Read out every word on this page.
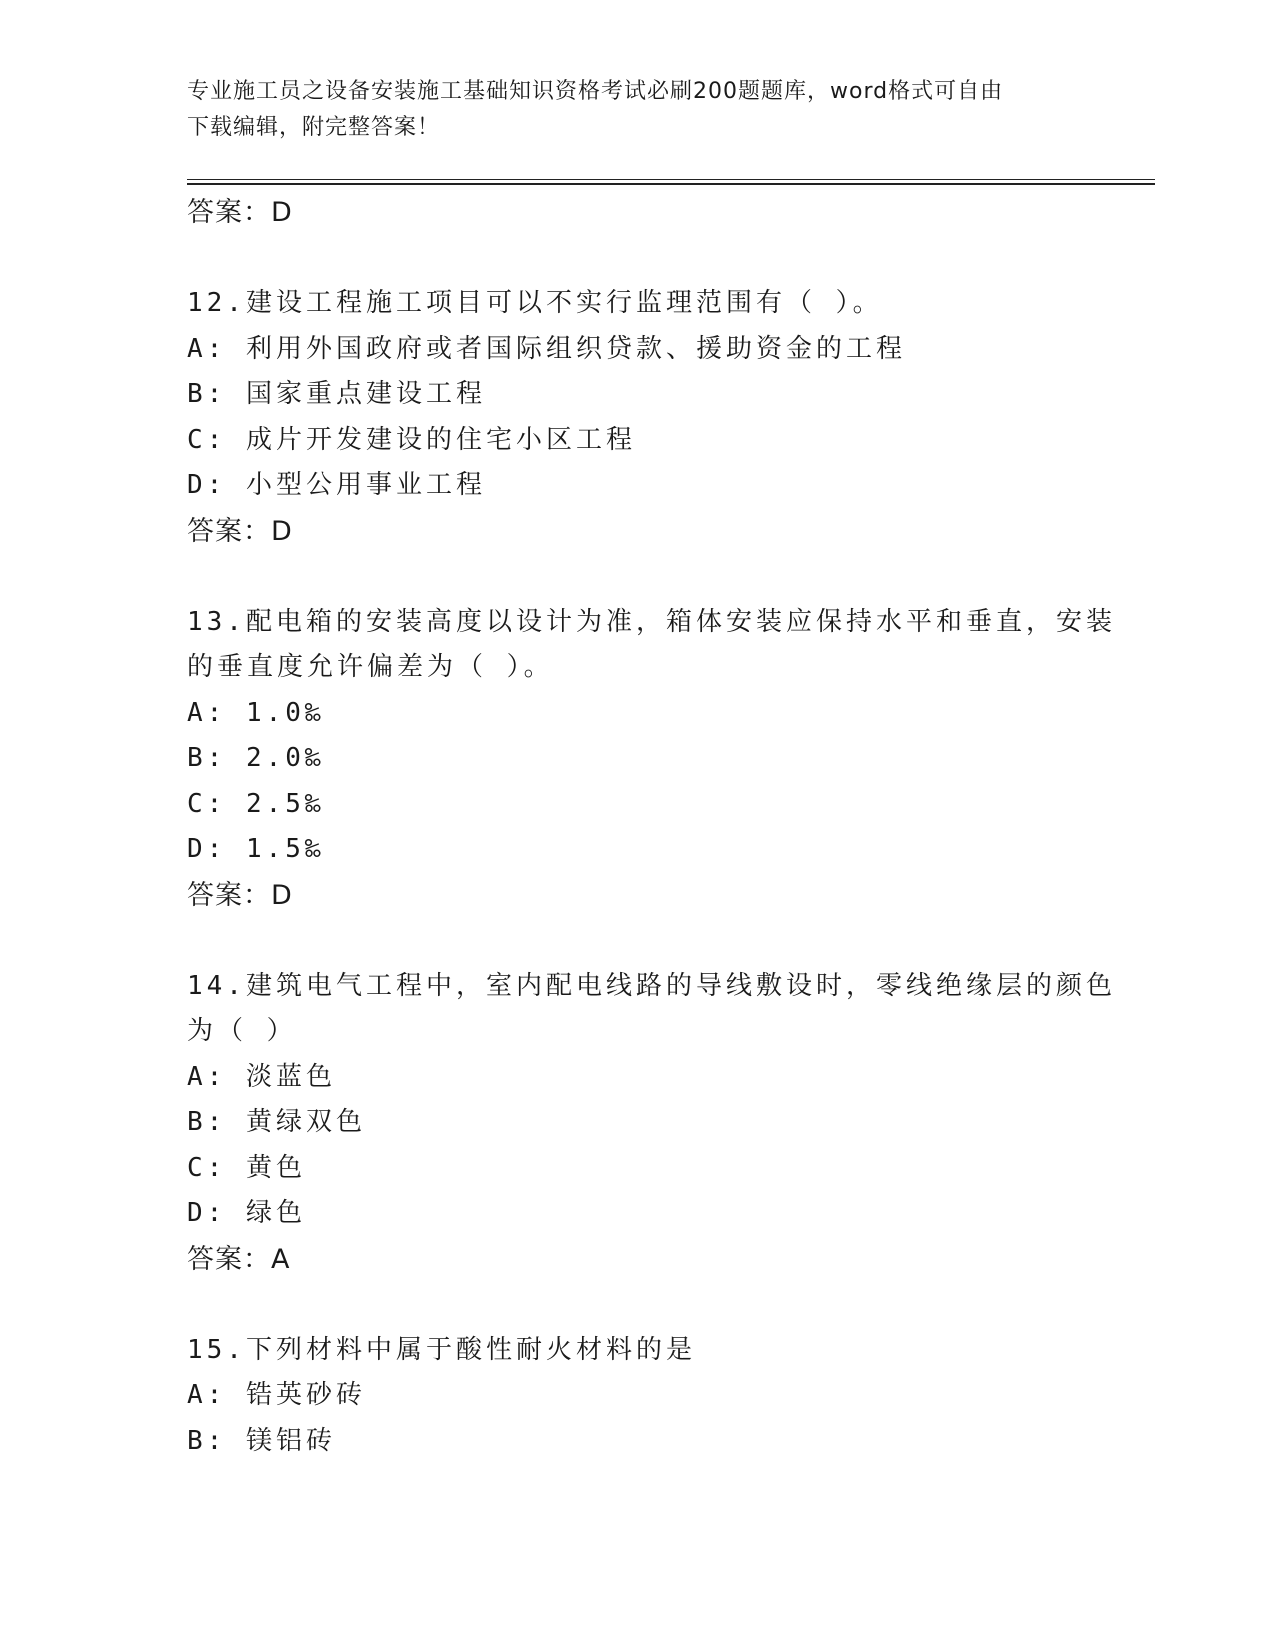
专业施工员之设备安装施工基础知识资格考试必刷200题题库，word格式可自由
下载编辑，附完整答案！
答案：D
12.建设工程施工项目可以不实行监理范围有（ ）。
A: 利用外国政府或者国际组织贷款、援助资金的工程
B: 国家重点建设工程
C: 成片开发建设的住宅小区工程
D: 小型公用事业工程
答案：D
13.配电箱的安装高度以设计为准，箱体安装应保持水平和垂直，安装
的垂直度允许偏差为（ ）。
A: 1.0‰
B: 2.0‰
C: 2.5‰
D: 1.5‰
答案：D
14.建筑电气工程中，室内配电线路的导线敷设时，零线绝缘层的颜色
为（ ）
A: 淡蓝色
B: 黄绿双色
C: 黄色
D: 绿色
答案：A
15.下列材料中属于酸性耐火材料的是
A: 锆英砂砖
B: 镁铝砖
